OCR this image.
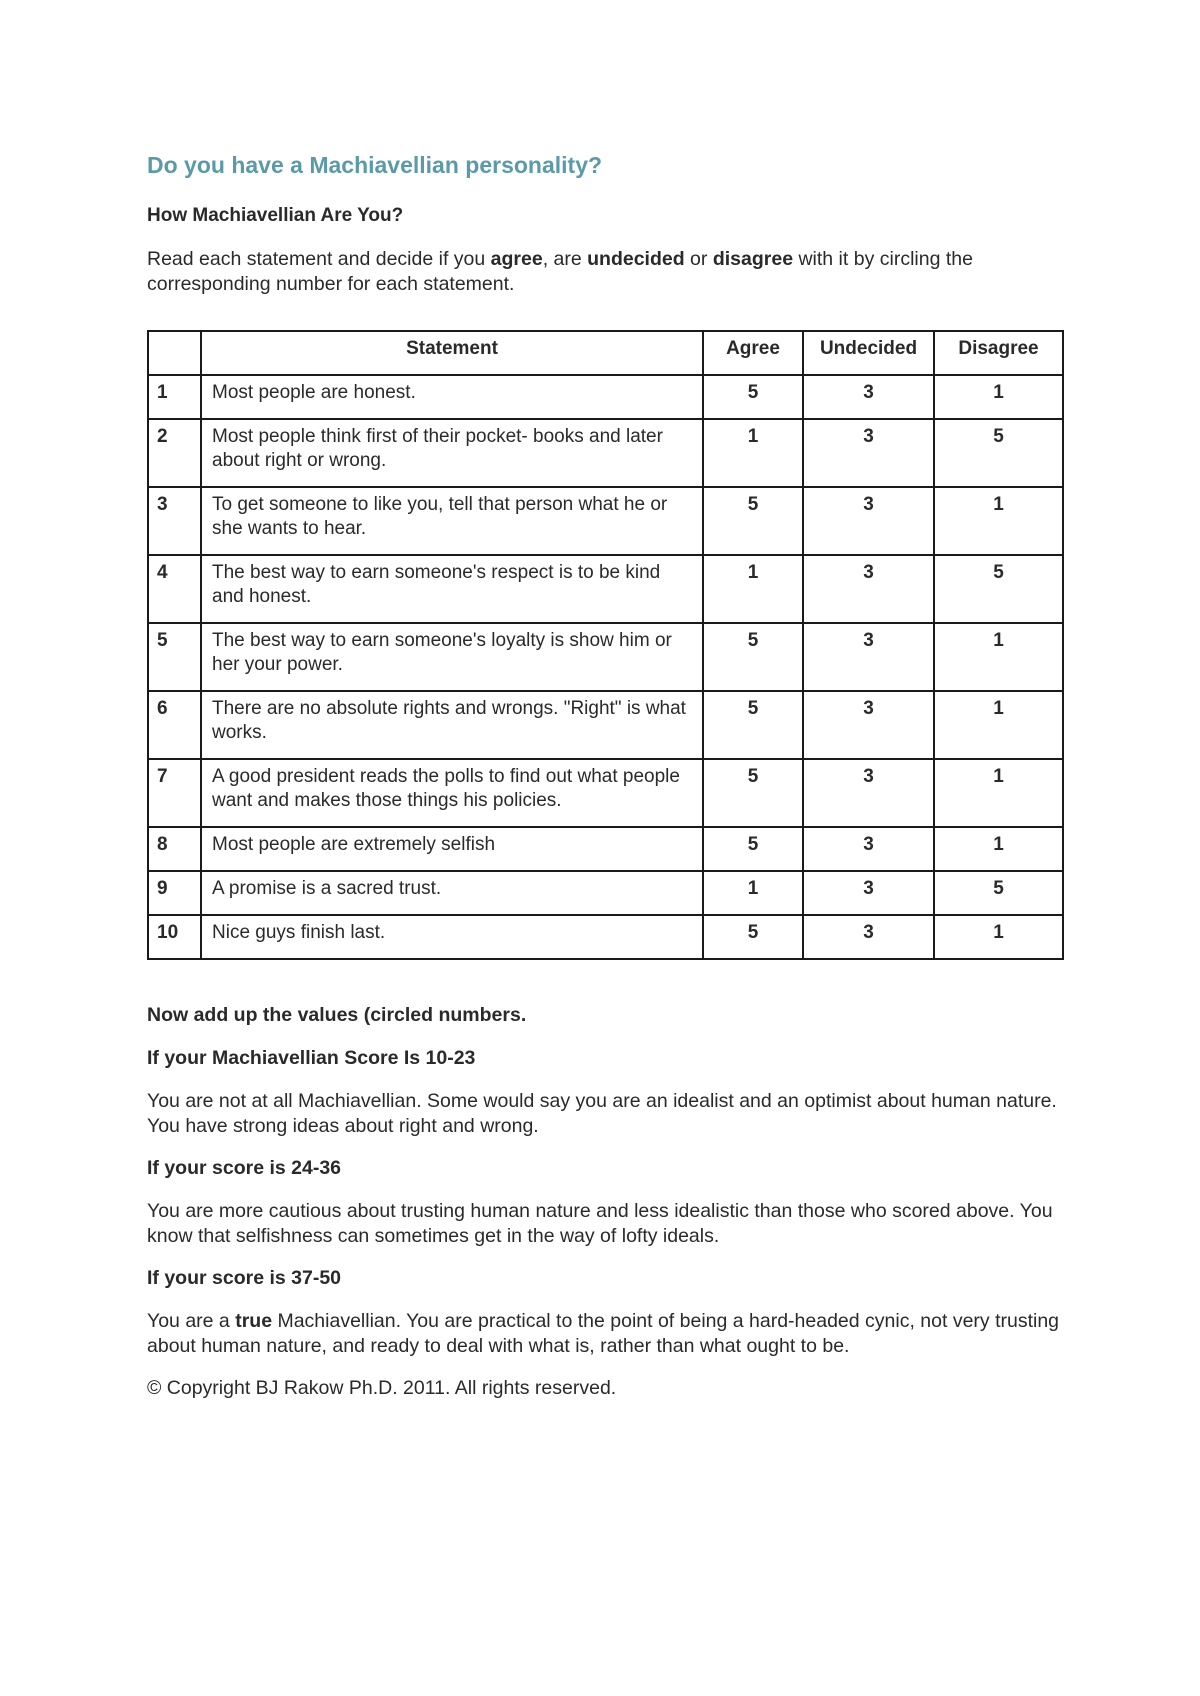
Do you have a Machiavellian personality?

How Machiavellian Are You?

Read each statement and decide if you agree, are undecided or disagree with it by circling the corresponding number for each statement.

	Statement	Agree	Undecided	Disagree
1	Most people are honest.	5	3	1
2	Most people think first of their pocket- books and later about right or wrong.	1	3	5
3	To get someone to like you, tell that person what he or she wants to hear.	5	3	1
4	The best way to earn someone's respect is to be kind and honest.	1	3	5
5	The best way to earn someone's loyalty is show him or her your power.	5	3	1
6	There are no absolute rights and wrongs. "Right" is what works.	5	3	1
7	A good president reads the polls to find out what people want and makes those things his policies.	5	3	1
8	Most people are extremely selfish	5	3	1
9	A promise is a sacred trust.	1	3	5
10	Nice guys finish last.	5	3	1

Now add up the values (circled numbers.

If your Machiavellian Score Is 10-23

You are not at all Machiavellian. Some would say you are an idealist and an optimist about human nature. You have strong ideas about right and wrong.

If your score is 24-36

You are more cautious about trusting human nature and less idealistic than those who scored above. You know that selfishness can sometimes get in the way of lofty ideals.

If your score is 37-50

You are a true Machiavellian. You are practical to the point of being a hard-headed cynic, not very trusting about human nature, and ready to deal with what is, rather than what ought to be.

© Copyright BJ Rakow Ph.D. 2011. All rights reserved.
